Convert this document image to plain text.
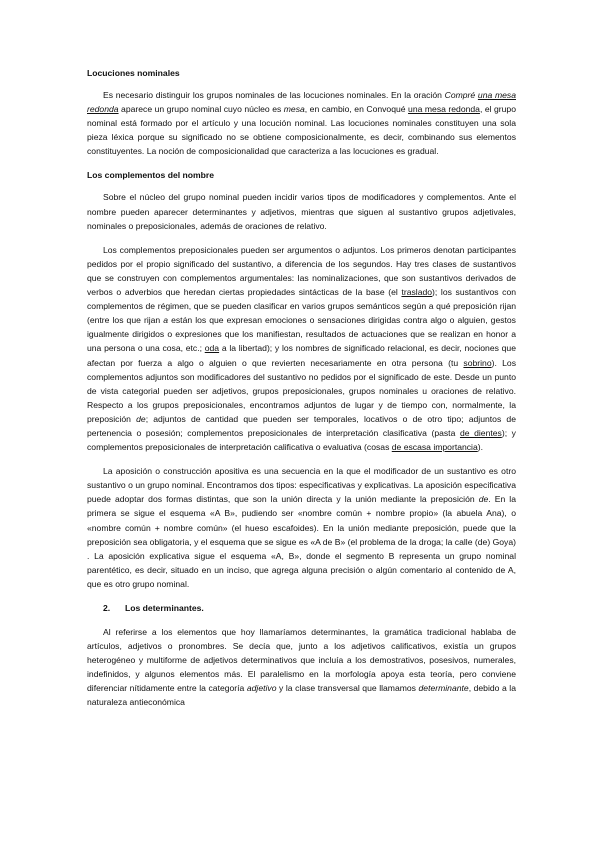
Locuciones nominales

Es necesario distinguir los grupos nominales de las locuciones nominales. En la oración Compré una mesa redonda aparece un grupo nominal cuyo núcleo es mesa, en cambio, en Convoqué una mesa redonda, el grupo nominal está formado por el artículo y una locución nominal. Las locuciones nominales constituyen una sola pieza léxica porque su significado no se obtiene composicionalmente, es decir, combinando sus elementos constituyentes. La noción de composicionalidad que caracteriza a las locuciones es gradual.

Los complementos del nombre

Sobre el núcleo del grupo nominal pueden incidir varios tipos de modificadores y complementos. Ante el nombre pueden aparecer determinantes y adjetivos, mientras que siguen al sustantivo grupos adjetivales, nominales o preposicionales, además de oraciones de relativo.

Los complementos preposicionales pueden ser argumentos o adjuntos. Los primeros denotan participantes pedidos por el propio significado del sustantivo, a diferencia de los segundos. Hay tres clases de sustantivos que se construyen con complementos argumentales: las nominalizaciones, que son sustantivos derivados de verbos o adverbios que heredan ciertas propiedades sintácticas de la base (el traslado); los sustantivos con complementos de régimen, que se pueden clasificar en varios grupos semánticos según a qué preposición rijan (entre los que rijan a están los que expresan emociones o sensaciones dirigidas contra algo o alguien, gestos igualmente dirigidos o expresiones que los manifiestan, resultados de actuaciones que se realizan en honor a una persona o una cosa, etc.; oda a la libertad); y los nombres de significado relacional, es decir, nociones que afectan por fuerza a algo o alguien o que revierten necesariamente en otra persona (tu sobrino). Los complementos adjuntos son modificadores del sustantivo no pedidos por el significado de este. Desde un punto de vista categorial pueden ser adjetivos, grupos preposicionales, grupos nominales u oraciones de relativo. Respecto a los grupos preposicionales, encontramos adjuntos de lugar y de tiempo con, normalmente, la preposición de; adjuntos de cantidad que pueden ser temporales, locativos o de otro tipo; adjuntos de pertenencia o posesión; complementos preposicionales de interpretación clasificativa (pasta de dientes); y complementos preposicionales de interpretación calificativa o evaluativa (cosas de escasa importancia).

La aposición o construcción apositiva es una secuencia en la que el modificador de un sustantivo es otro sustantivo o un grupo nominal. Encontramos dos tipos: especificativas y explicativas. La aposición especificativa puede adoptar dos formas distintas, que son la unión directa y la unión mediante la preposición de. En la primera se sigue el esquema «A B», pudiendo ser «nombre común + nombre propio» (la abuela Ana), o «nombre común + nombre común» (el hueso escafoides). En la unión mediante preposición, puede que la preposición sea obligatoria, y el esquema que se sigue es «A de B» (el problema de la droga; la calle (de) Goya) . La aposición explicativa sigue el esquema «A, B», donde el segmento B representa un grupo nominal parentético, es decir, situado en un inciso, que agrega alguna precisión o algún comentario al contenido de A, que es otro grupo nominal.

2. Los determinantes.

Al referirse a los elementos que hoy llamaríamos determinantes, la gramática tradicional hablaba de artículos, adjetivos o pronombres. Se decía que, junto a los adjetivos calificativos, existía un grupos heterogéneo y multiforme de adjetivos determinativos que incluía a los demostrativos, posesivos, numerales, indefinidos, y algunos elementos más. El paralelismo en la morfología apoya esta teoría, pero conviene diferenciar nítidamente entre la categoría adjetivo y la clase transversal que llamamos determinante, debido a la naturaleza antieconómica
